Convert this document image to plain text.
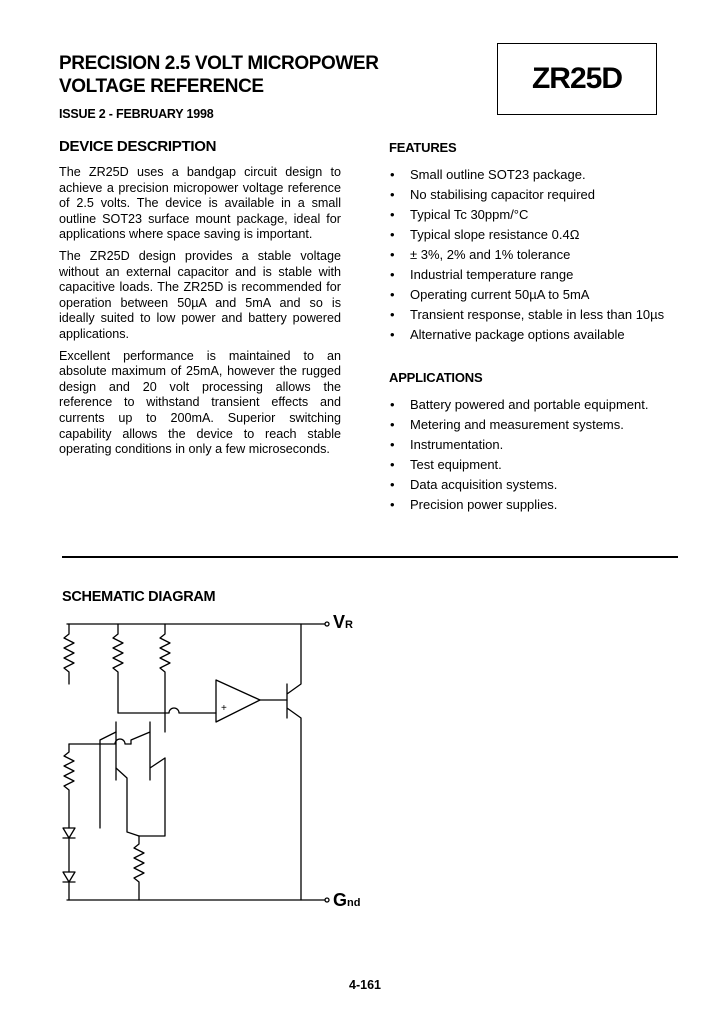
PRECISION 2.5 VOLT MICROPOWER
VOLTAGE REFERENCE	ZR25D
ISSUE 2 - FEBRUARY 1998
DEVICE DESCRIPTION

The ZR25D uses a bandgap circuit design to achieve a precision micropower voltage reference of 2.5 volts. The device is available in a small outline SOT23 surface mount package, ideal for applications where space saving is important.

The ZR25D design provides a stable voltage without an external capacitor and is stable with capacitive loads. The ZR25D is recommended for operation between 50µA and 5mA and so is ideally suited to low power and battery powered applications.

Excellent performance is maintained to an absolute maximum of 25mA, however the rugged design and 20 volt processing allows the reference to withstand transient effects and currents up to 200mA. Superior switching capability allows the device to reach stable operating conditions in only a few microseconds.

FEATURES
• Small outline SOT23 package.
• No stabilising capacitor required
• Typical Tc 30ppm/°C
• Typical slope resistance 0.4Ω
• ± 3%, 2% and 1% tolerance
• Industrial temperature range
• Operating current 50µA to 5mA
• Transient response, stable in less than 10µs
• Alternative package options available
APPLICATIONS
• Battery powered and portable equipment.
• Metering and measurement systems.
• Instrumentation.
• Test equipment.
• Data acquisition systems.
• Precision power supplies.
SCHEMATIC DIAGRAM
VR
Gnd
+
4-161
